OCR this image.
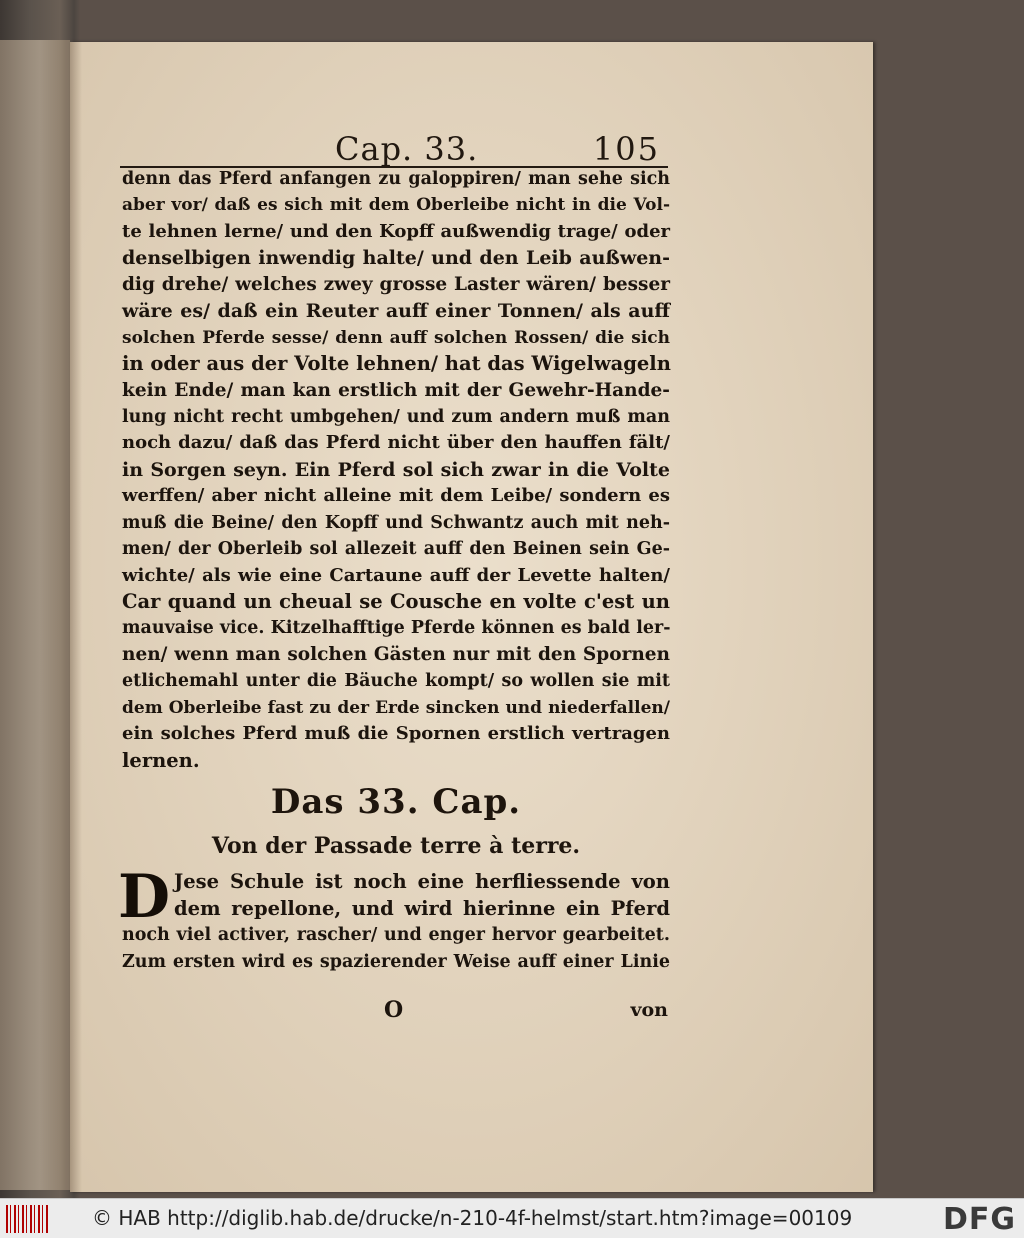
Cap. 33.	105
denn das Pferd anfangen zu galoppiren/ man sehe sich
aber vor/ daß es sich mit dem Oberleibe nicht in die Vol-
te lehnen lerne/ und den Kopff außwendig trage/ oder
denselbigen inwendig halte/ und den Leib außwen-
dig drehe/ welches zwey grosse Laster wären/ besser
wäre es/ daß ein Reuter auff einer Tonnen/ als auff
solchen Pferde sesse/ denn auff solchen Rossen/ die sich
in oder aus der Volte lehnen/ hat das Wigelwageln
kein Ende/ man kan erstlich mit der Gewehr-Hande-
lung nicht recht umbgehen/ und zum andern muß man
noch dazu/ daß das Pferd nicht über den hauffen fält/
in Sorgen seyn. Ein Pferd sol sich zwar in die Volte
werffen/ aber nicht alleine mit dem Leibe/ sondern es
muß die Beine/ den Kopff und Schwantz auch mit neh-
men/ der Oberleib sol allezeit auff den Beinen sein Ge-
wichte/ als wie eine Cartaune auff der Levette halten/
Car quand un cheual se Cousche en volte c'est un
mauvaise vice. Kitzelhafftige Pferde können es bald ler-
nen/ wenn man solchen Gästen nur mit den Spornen
etlichemahl unter die Bäuche kompt/ so wollen sie mit
dem Oberleibe fast zu der Erde sincken und niederfallen/
ein solches Pferd muß die Spornen erstlich vertragen
lernen.
Das 33. Cap.
Von der Passade terre à terre.
D Jese Schule ist noch eine herfliessende von
dem repellone, und wird hierinne ein Pferd
noch viel activer, rascher/ und enger hervor gearbeitet.
Zum ersten wird es spazierender Weise auff einer Linie
O	von
© HAB http://diglib.hab.de/drucke/n-210-4f-helmst/start.htm?image=00109	DFG
